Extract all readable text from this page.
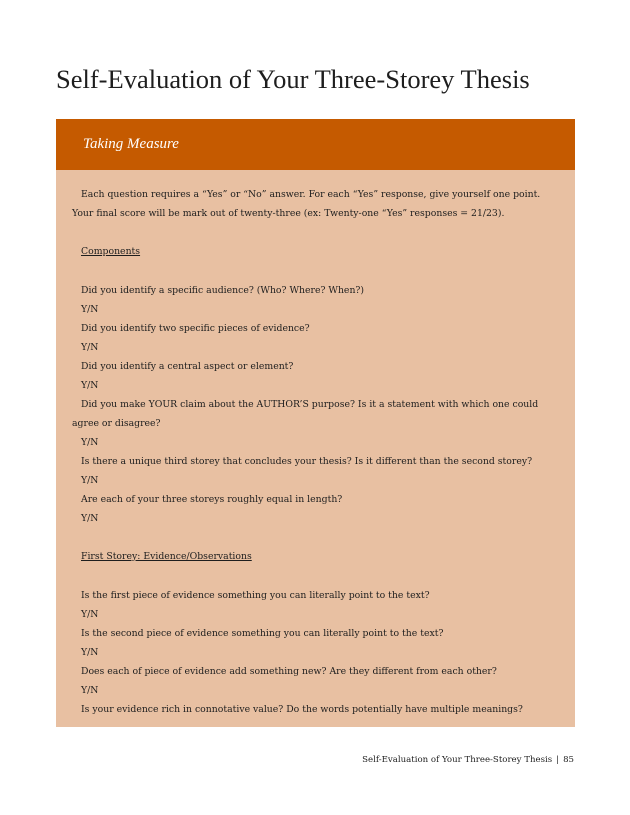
Self-Evaluation of Your Three-Storey Thesis
Taking Measure

Each question requires a “Yes” or “No” answer. For each “Yes” response, give yourself one point. Your final score will be mark out of twenty-three (ex: Twenty-one “Yes” responses = 21/23).

Components

Did you identify a specific audience? (Who? Where? When?)

Y/N

Did you identify two specific pieces of evidence?

Y/N

Did you identify a central aspect or element?

Y/N

Did you make YOUR claim about the AUTHOR’S purpose? Is it a statement with which one could agree or disagree?

Y/N

Is there a unique third storey that concludes your thesis? Is it different than the second storey?

Y/N

Are each of your three storeys roughly equal in length?

Y/N

First Storey: Evidence/Observations

Is the first piece of evidence something you can literally point to the text?

Y/N

Is the second piece of evidence something you can literally point to the text?

Y/N

Does each of piece of evidence add something new? Are they different from each other?

Y/N

Is your evidence rich in connotative value? Do the words potentially have multiple meanings?

Self-Evaluation of Your Three-Storey Thesis | 85
